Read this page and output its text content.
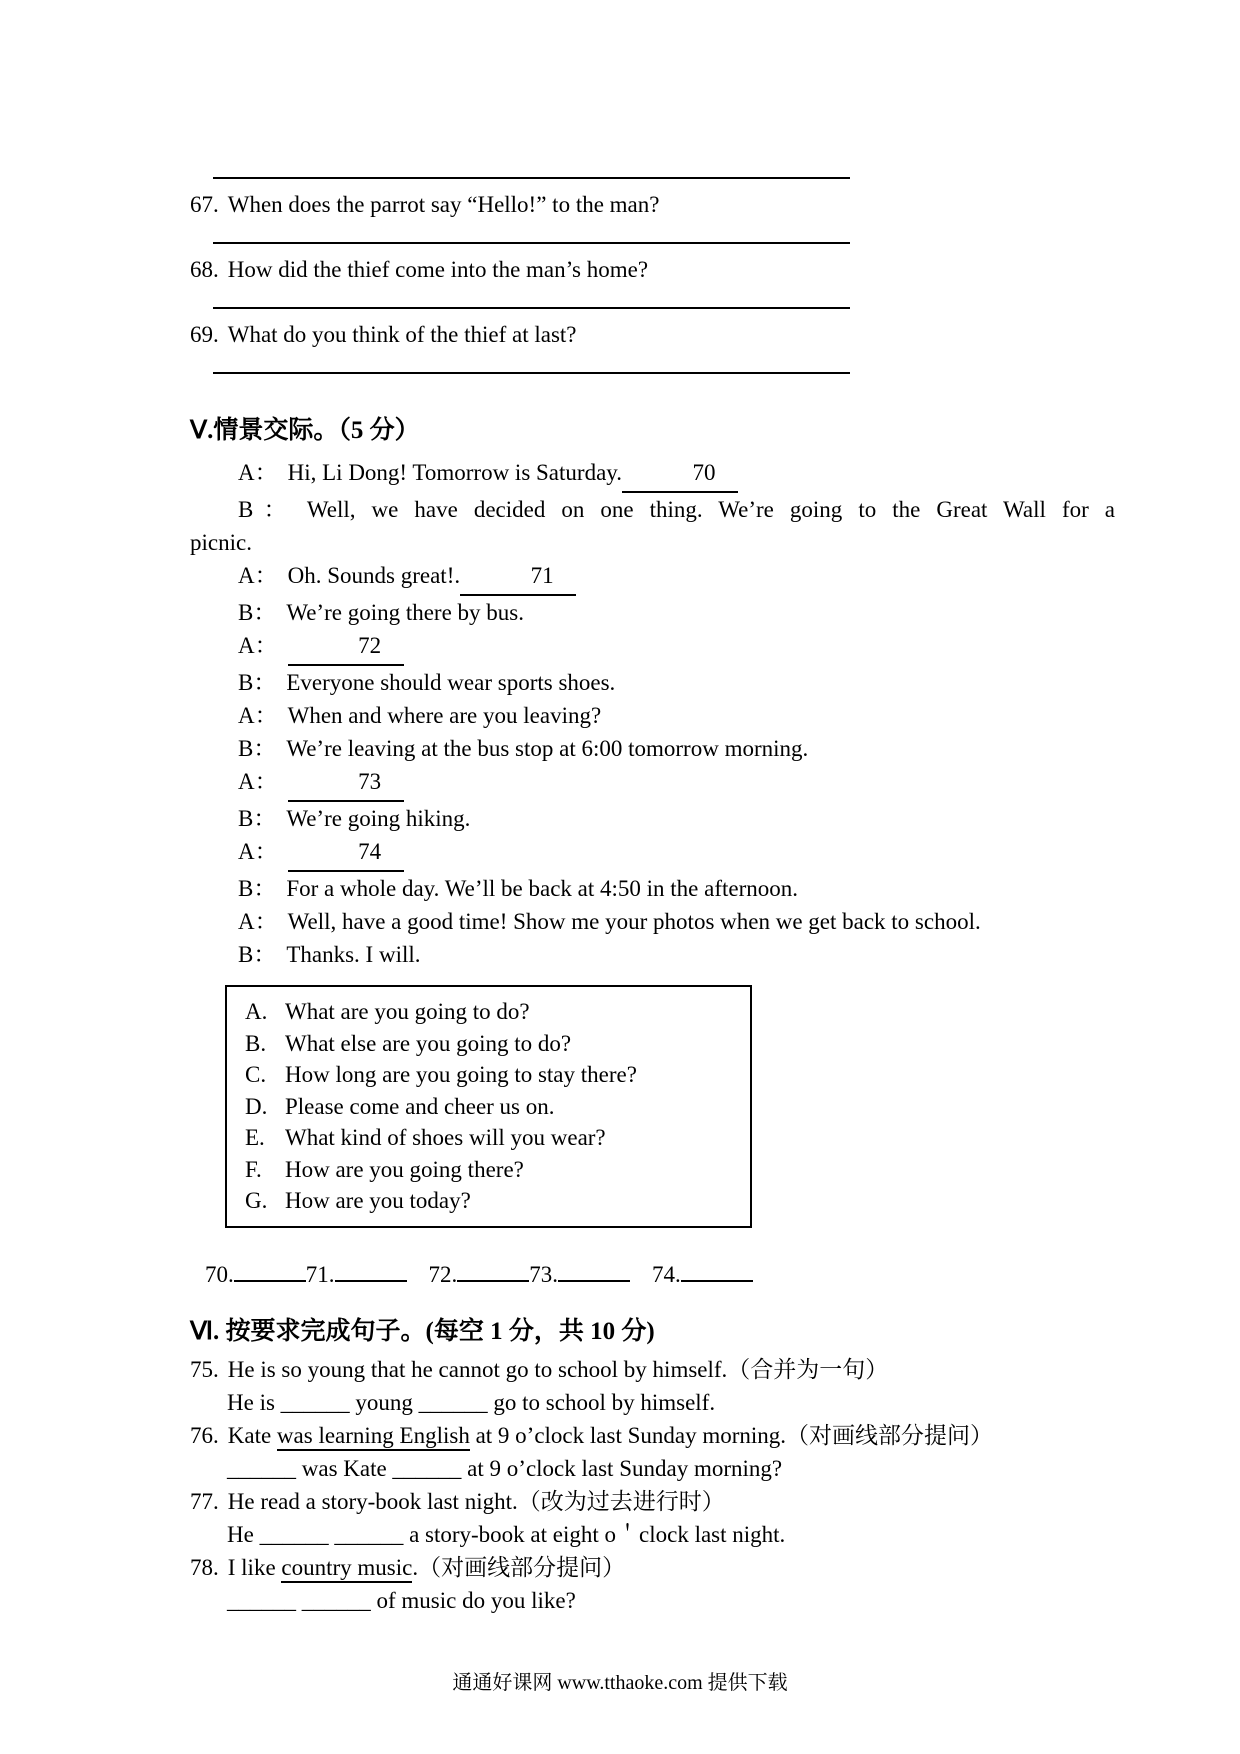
67. When does the parrot say “Hello!” to the man?

68. How did the thief come into the man’s home?

69. What do you think of the thief at last?

Ⅴ.情景交际。（5 分）

A： Hi, Li Dong! Tomorrow is Saturday.	70

B： Well, we have decided on one thing. We’re going to the Great Wall for a

picnic.

A： Oh. Sounds great!.	71

B： We’re going there by bus.

A：	72

B： Everyone should wear sports shoes.

A： When and where are you leaving?

B： We’re leaving at the bus stop at 6:00 tomorrow morning.

A：	73

B： We’re going hiking.

A：	74

B： For a whole day. We’ll be back at 4:50 in the afternoon.

A： Well, have a good time! Show me your photos when we get back to school.

B： Thanks. I will.

A. What are you going to do?

B. What else are you going to do?

C. How long are you going to stay there?

D. Please come and cheer us on.

E. What kind of shoes will you wear?

F. How are you going there?

G. How are you today?

70.	71.	72.	73.	74.
Ⅵ. 按要求完成句子。(每空 1 分，共 10 分)

75. He is so young that he cannot go to school by himself.（合并为一句）

He is ______ young ______ go to school by himself.

76. Kate was learning English at 9 o’clock last Sunday morning.（对画线部分提问）

______ was Kate ______ at 9 o’clock last Sunday morning?

77. He read a story-book last night.（改为过去进行时）

He ______ ______ a story-book at eight o＇clock last night.

78. I like country music.（对画线部分提问）

______ ______ of music do you like?

通通好课网 www.tthaoke.com 提供下载
